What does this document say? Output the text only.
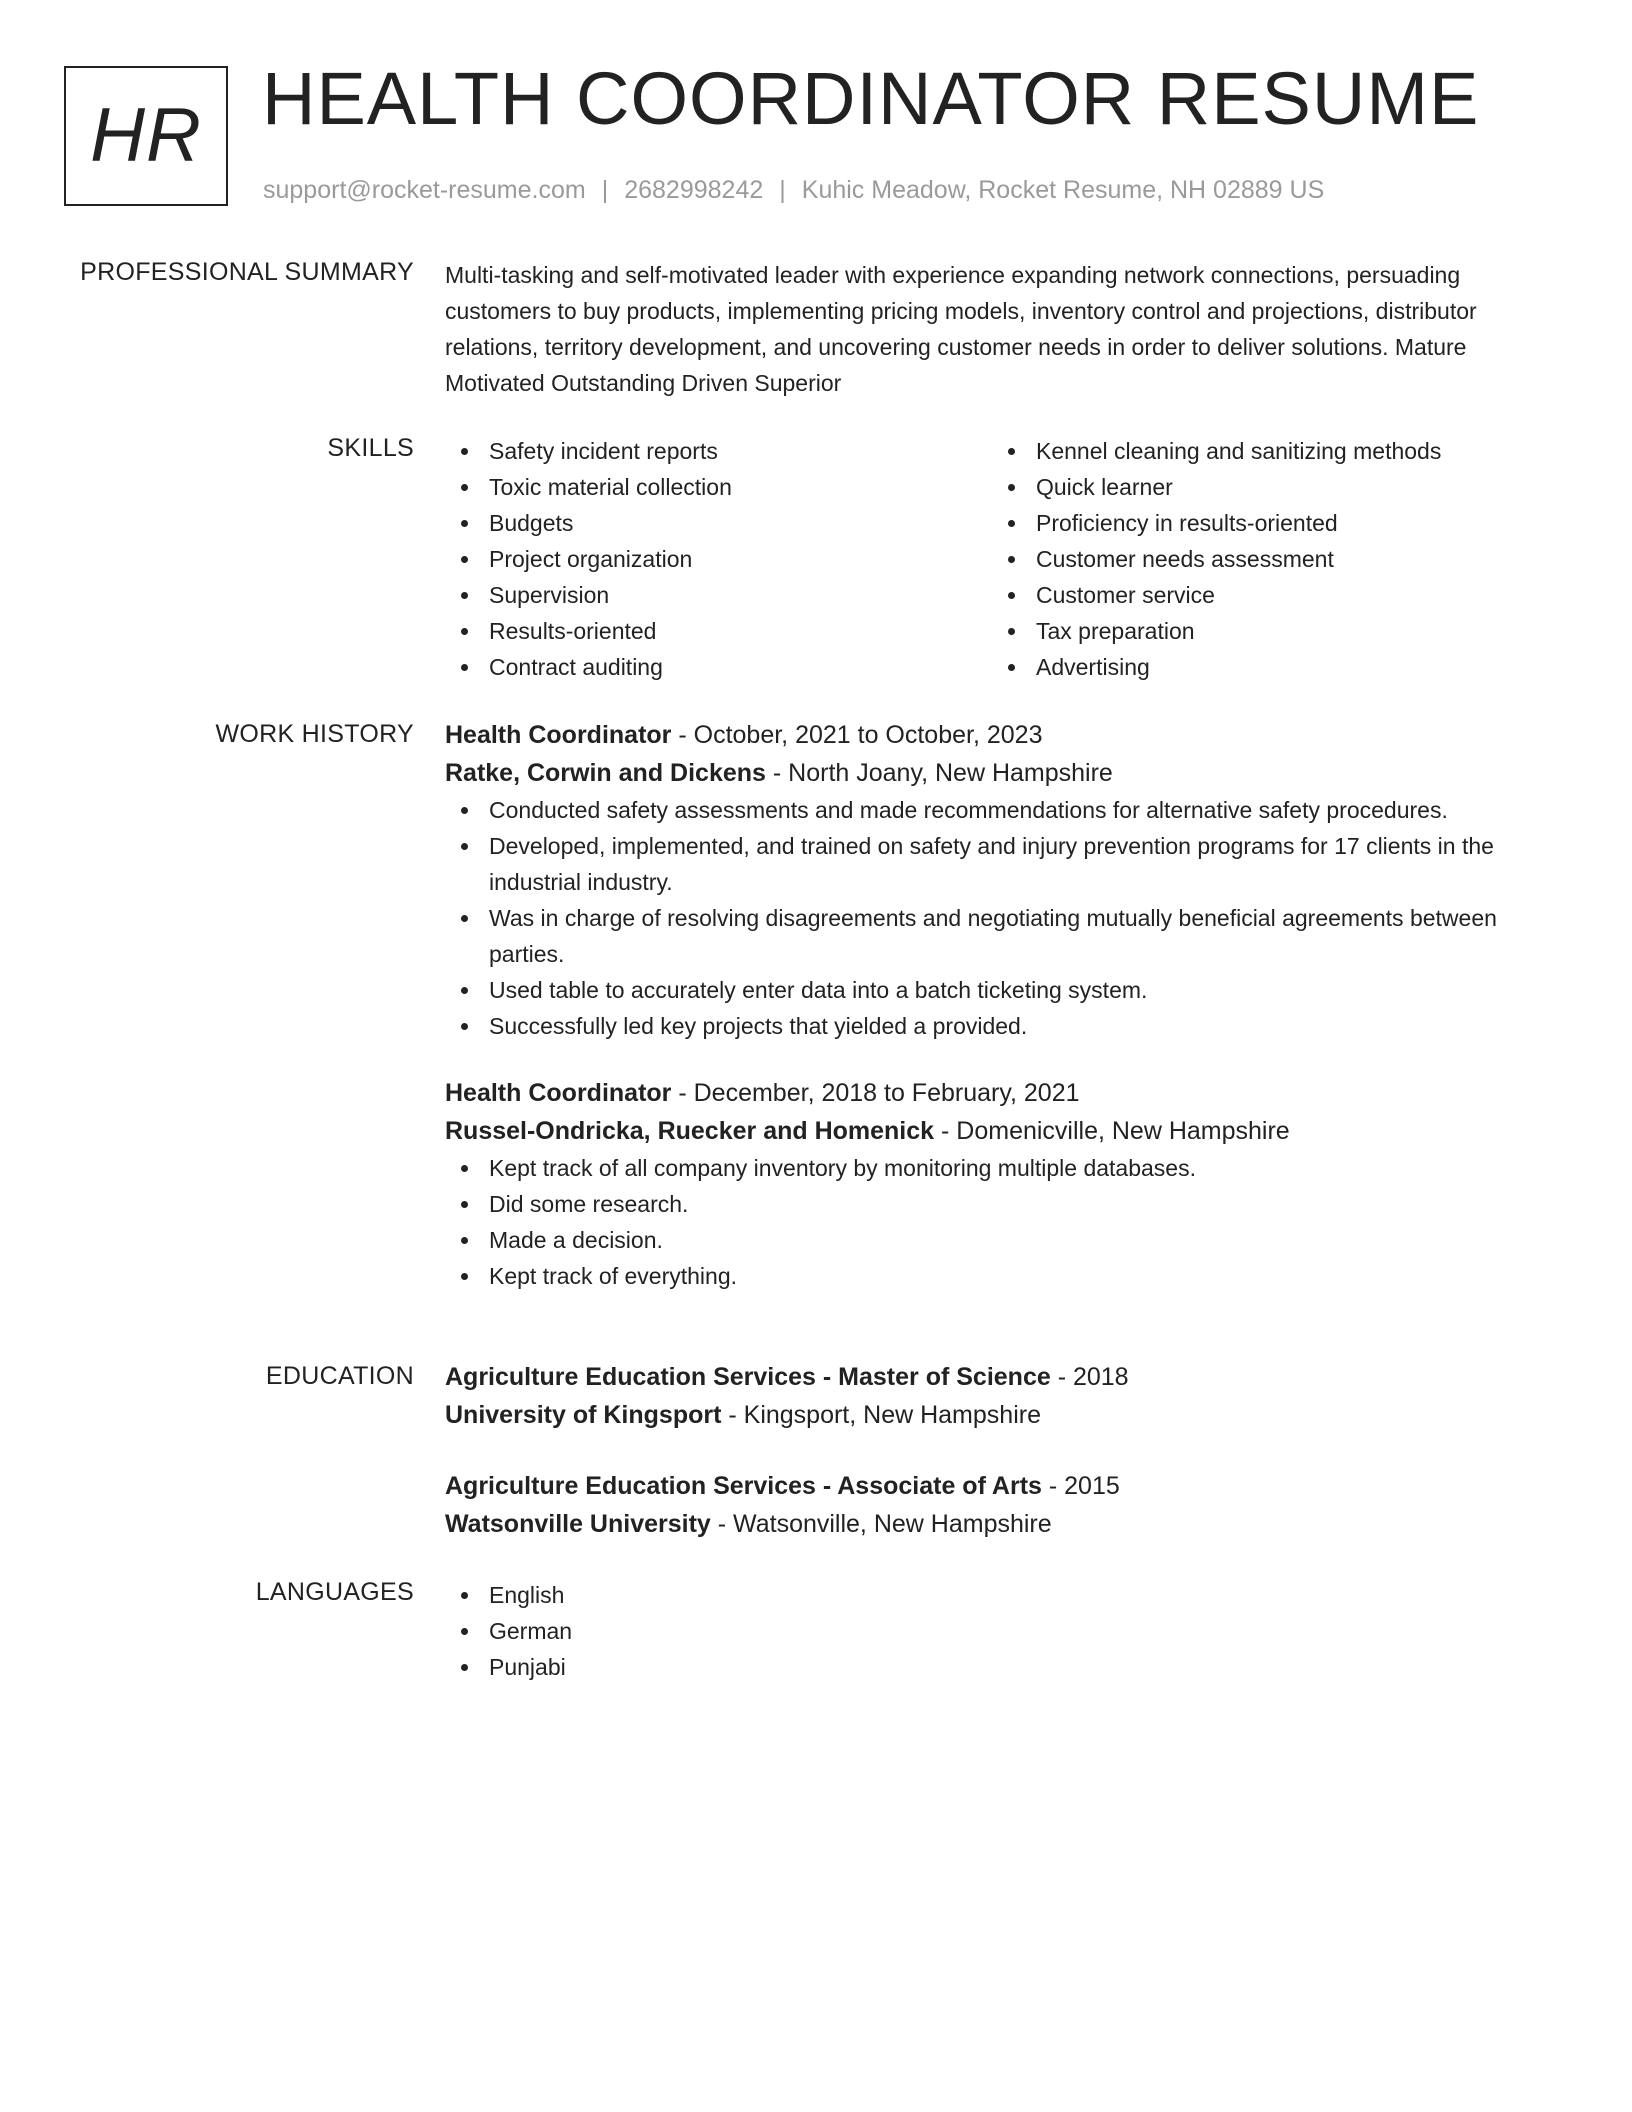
HR HEALTH COORDINATOR RESUME
support@rocket-resume.com | 2682998242 | Kuhic Meadow, Rocket Resume, NH 02889 US
PROFESSIONAL SUMMARY Multi-tasking and self-motivated leader with experience expanding network connections, persuading customers to buy products, implementing pricing models, inventory control and projections, distributor relations, territory development, and uncovering customer needs in order to deliver solutions. Mature Motivated Outstanding Driven Superior

SKILLS	Safety incident reports
Toxic material collection
Budgets
Project organization
Supervision
Results-oriented
Contract auditing
Kennel cleaning and sanitizing methods
Quick learner
Proficiency in results-oriented
Customer needs assessment
Customer service
Tax preparation
Advertising
WORK HISTORY Health Coordinator - October, 2021 to October, 2023
Ratke, Corwin and Dickens - North Joany, New Hampshire
Conducted safety assessments and made recommendations for alternative safety procedures.
Developed, implemented, and trained on safety and injury prevention programs for 17 clients in the industrial industry.
Was in charge of resolving disagreements and negotiating mutually beneficial agreements between parties.
Used table to accurately enter data into a batch ticketing system.
Successfully led key projects that yielded a provided.
Health Coordinator - December, 2018 to February, 2021
Russel-Ondricka, Ruecker and Homenick - Domenicville, New Hampshire
Kept track of all company inventory by monitoring multiple databases.
Did some research.
Made a decision.
Kept track of everything.
EDUCATION Agriculture Education Services - Master of Science - 2018
University of Kingsport - Kingsport, New Hampshire
Agriculture Education Services - Associate of Arts - 2015
Watsonville University - Watsonville, New Hampshire
LANGUAGES	English
German
Punjabi
